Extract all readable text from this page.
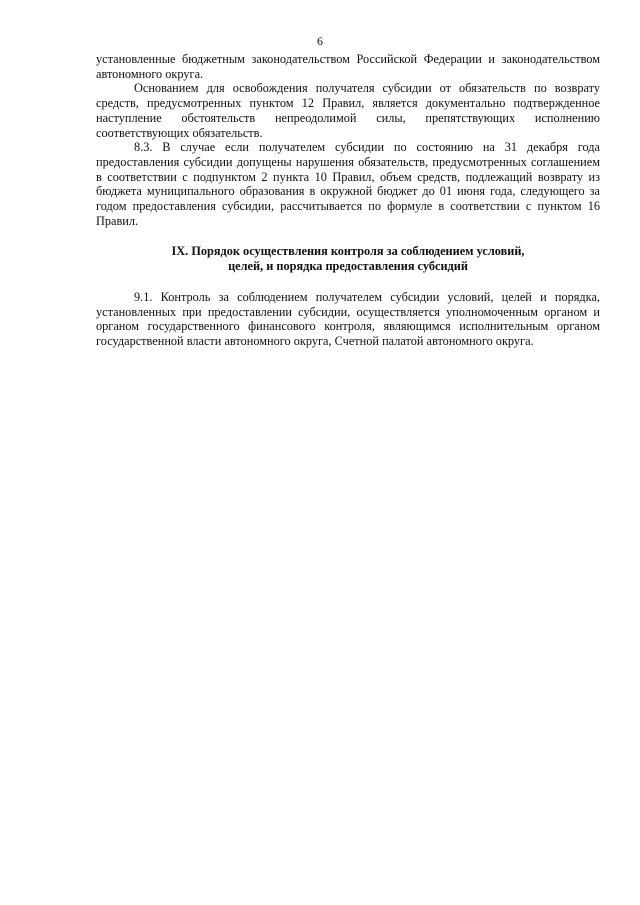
6

установленные бюджетным законодательством Российской Федерации и законодательством автономного округа.

Основанием для освобождения получателя субсидии от обязательств по возврату средств, предусмотренных пунктом 12 Правил, является документально подтвержденное наступление обстоятельств непреодолимой силы, препятствующих исполнению соответствующих обязательств.

8.3. В случае если получателем субсидии по состоянию на 31 декабря года предоставления субсидии допущены нарушения обязательств, предусмотренных соглашением в соответствии с подпунктом 2 пункта 10 Правил, объем средств, подлежащий возврату из бюджета муниципального образования в окружной бюджет до 01 июня года, следующего за годом предоставления субсидии, рассчитывается по формуле в соответствии с пунктом 16 Правил.

IX. Порядок осуществления контроля за соблюдением условий,
целей, и порядка предоставления субсидий

9.1. Контроль за соблюдением получателем субсидии условий, целей и порядка, установленных при предоставлении субсидии, осуществляется уполномоченным органом и органом государственного финансового контроля, являющимся исполнительным органом государственной власти автономного округа, Счетной палатой автономного округа.
